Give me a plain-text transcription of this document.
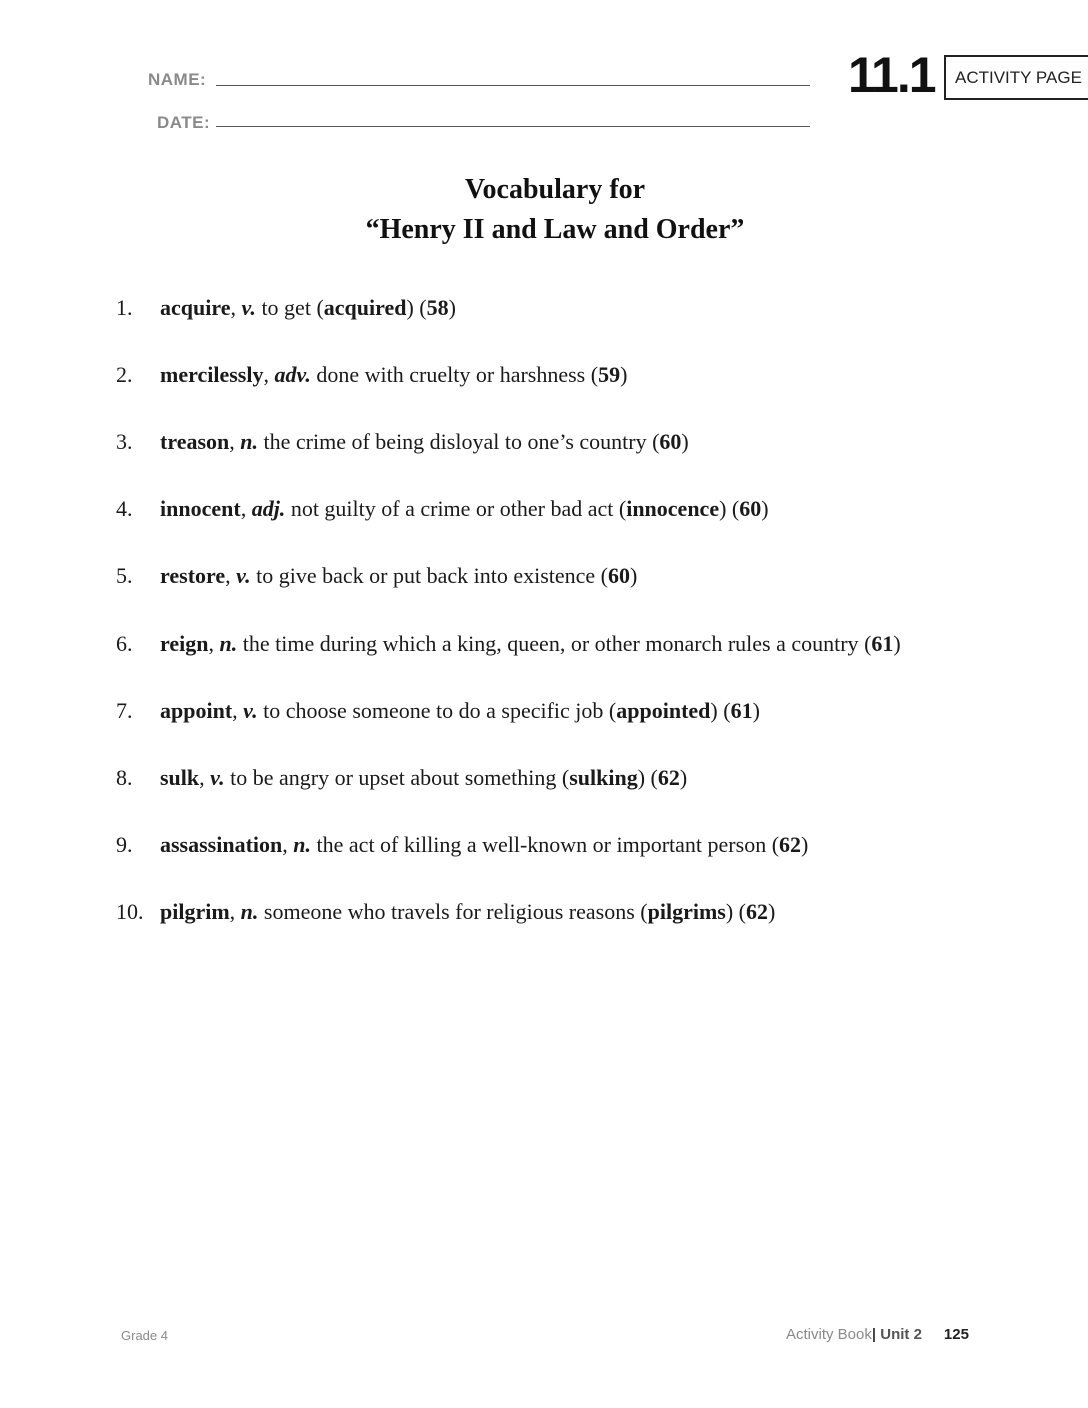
NAME:
DATE:
11.1	ACTIVITY PAGE
Vocabulary for
“Henry II and Law and Order”
1.	acquire, v. to get (acquired) (58)
2.	mercilessly, adv. done with cruelty or harshness (59)
3.	treason, n. the crime of being disloyal to one’s country (60)
4.	innocent, adj. not guilty of a crime or other bad act (innocence) (60)
5.	restore, v. to give back or put back into existence (60)
6.	reign, n. the time during which a king, queen, or other monarch rules a country (61)
7.	appoint, v. to choose someone to do a specific job (appointed) (61)
8.	sulk, v. to be angry or upset about something (sulking) (62)
9.	assassination, n. the act of killing a well-known or important person (62)
10. pilgrim, n. someone who travels for religious reasons (pilgrims) (62)
Grade 4	Activity Book| Unit 2 125
